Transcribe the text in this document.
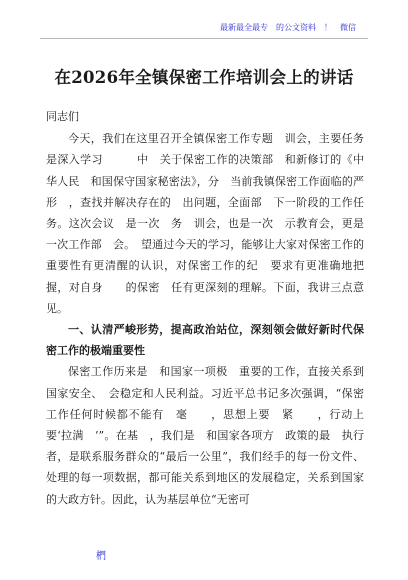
最新最全最专　的公文资料　！　微信
在2026年全镇保密工作培训会上的讲话

同志们

今天，我们在这里召开全镇保密工作专题　训会，主要任务是深入学习　　　中　关于保密工作的决策部　和新修订的《中华人民　和国保守国家秘密法》，分　当前我镇保密工作面临的严　形　，查找并解决存在的　出问题，全面部　下一阶段的工作任务。这次会议　是一次　务　训会，也是一次　示教育会，更是一次工作部　会。　望通过今天的学习，能够让大家对保密工作的重要性有更清醒的认识，对保密工作的纪　要求有更准确地把握，对自身　　的保密　任有更深刻的理解。下面，我讲三点意见。

一、认清严峻形势，提高政治站位，深刻领会做好新时代保密工作的极端重要性

保密工作历来是　和国家一项极　重要的工作，直接关系到国家安全、　会稳定和人民利益。习近平总书记多次强调，“保密工作任何时候都不能有　毫　　，思想上要　紧　　，行动上要‘拉满　’”。在基　，我们是　和国家各项方　政策的最　执行者，是联系服务群众的“最后一公里”，我们经手的每一份文件、处理的每一项数据，都可能关系到地区的发展稳定，关系到国家的大政方针。因此，认为基层单位“无密可

椚
